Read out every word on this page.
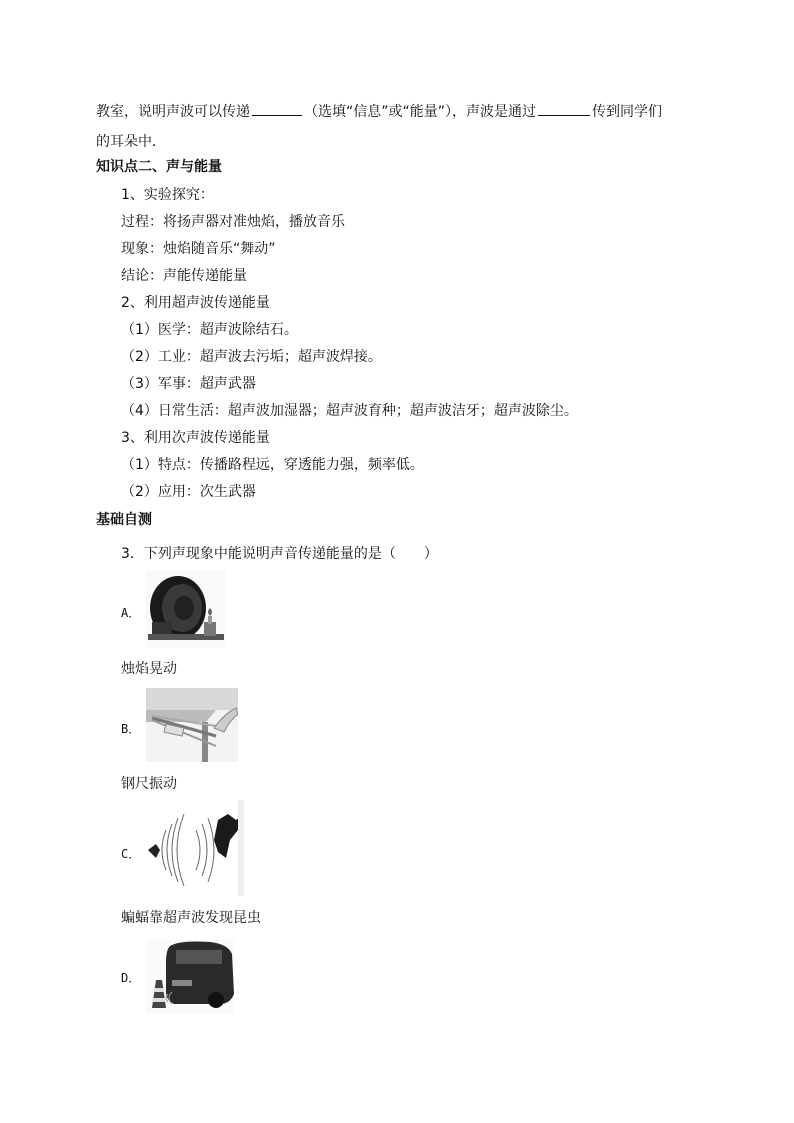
教室，说明声波可以传递	（选填“信息”或“能量”），声波是通过	传到同学们
的耳朵中．
知识点二、声与能量
1、实验探究：
过程：将扬声器对准烛焰，播放音乐
现象：烛焰随音乐“舞动”
结论：声能传递能量
2、利用超声波传递能量
（1）医学：超声波除结石。
（2）工业：超声波去污垢；超声波焊接。
（3）军事：超声武器
（4）日常生活：超声波加湿器；超声波育种；超声波洁牙；超声波除尘。
3、利用次声波传递能量
（1）特点：传播路程远，穿透能力强，频率低。
（2）应用：次生武器
基础自测
3．下列声现象中能说明声音传递能量的是（　　）
A．
烛焰晃动
B．
钢尺振动
C．
蝙蝠靠超声波发现昆虫
D．
